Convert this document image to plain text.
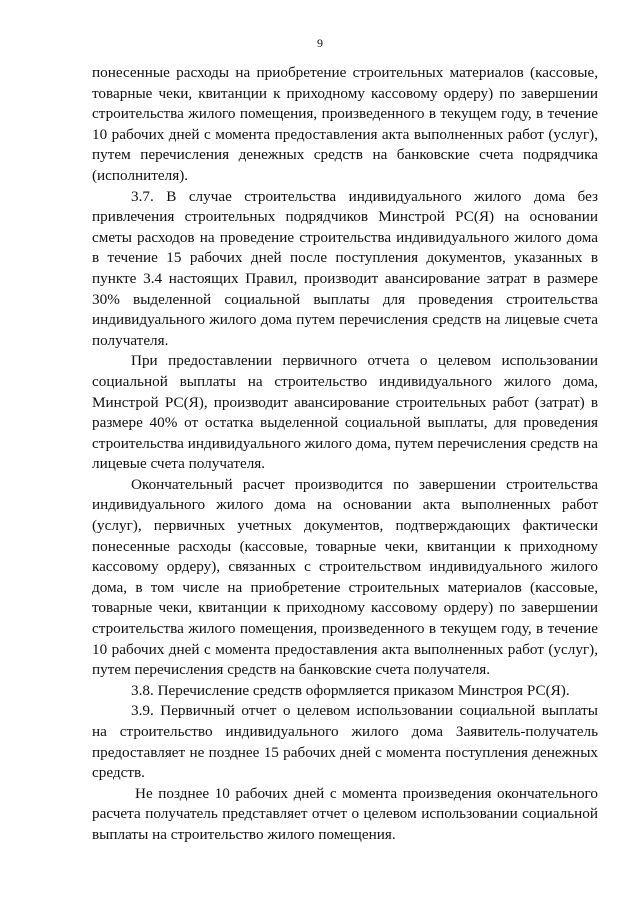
9

понесенные расходы на приобретение строительных материалов (кассовые, товарные чеки, квитанции к приходному кассовому ордеру) по завершении строительства жилого помещения, произведенного в текущем году, в течение 10 рабочих дней с момента предоставления акта выполненных работ (услуг), путем перечисления денежных средств на банковские счета подрядчика (исполнителя).

3.7. В случае строительства индивидуального жилого дома без привлечения строительных подрядчиков Минстрой РС(Я) на основании сметы расходов на проведение строительства индивидуального жилого дома в течение 15 рабочих дней после поступления документов, указанных в пункте 3.4 настоящих Правил, производит авансирование затрат в размере 30% выделенной социальной выплаты для проведения строительства индивидуального жилого дома путем перечисления средств на лицевые счета получателя.

При предоставлении первичного отчета о целевом использовании социальной выплаты на строительство индивидуального жилого дома, Минстрой РС(Я), производит авансирование строительных работ (затрат) в размере 40% от остатка выделенной социальной выплаты, для проведения строительства индивидуального жилого дома, путем перечисления средств на лицевые счета получателя.

Окончательный расчет производится по завершении строительства индивидуального жилого дома на основании акта выполненных работ (услуг), первичных учетных документов, подтверждающих фактически понесенные расходы (кассовые, товарные чеки, квитанции к приходному кассовому ордеру), связанных с строительством индивидуального жилого дома, в том числе на приобретение строительных материалов (кассовые, товарные чеки, квитанции к приходному кассовому ордеру) по завершении строительства жилого помещения, произведенного в текущем году, в течение 10 рабочих дней с момента предоставления акта выполненных работ (услуг), путем перечисления средств на банковские счета получателя.

3.8. Перечисление средств оформляется приказом Минстроя РС(Я).

3.9. Первичный отчет о целевом использовании социальной выплаты на строительство индивидуального жилого дома Заявитель-получатель предоставляет не позднее 15 рабочих дней с момента поступления денежных средств.

Не позднее 10 рабочих дней с момента произведения окончательного расчета получатель представляет отчет о целевом использовании социальной выплаты на строительство жилого помещения.
